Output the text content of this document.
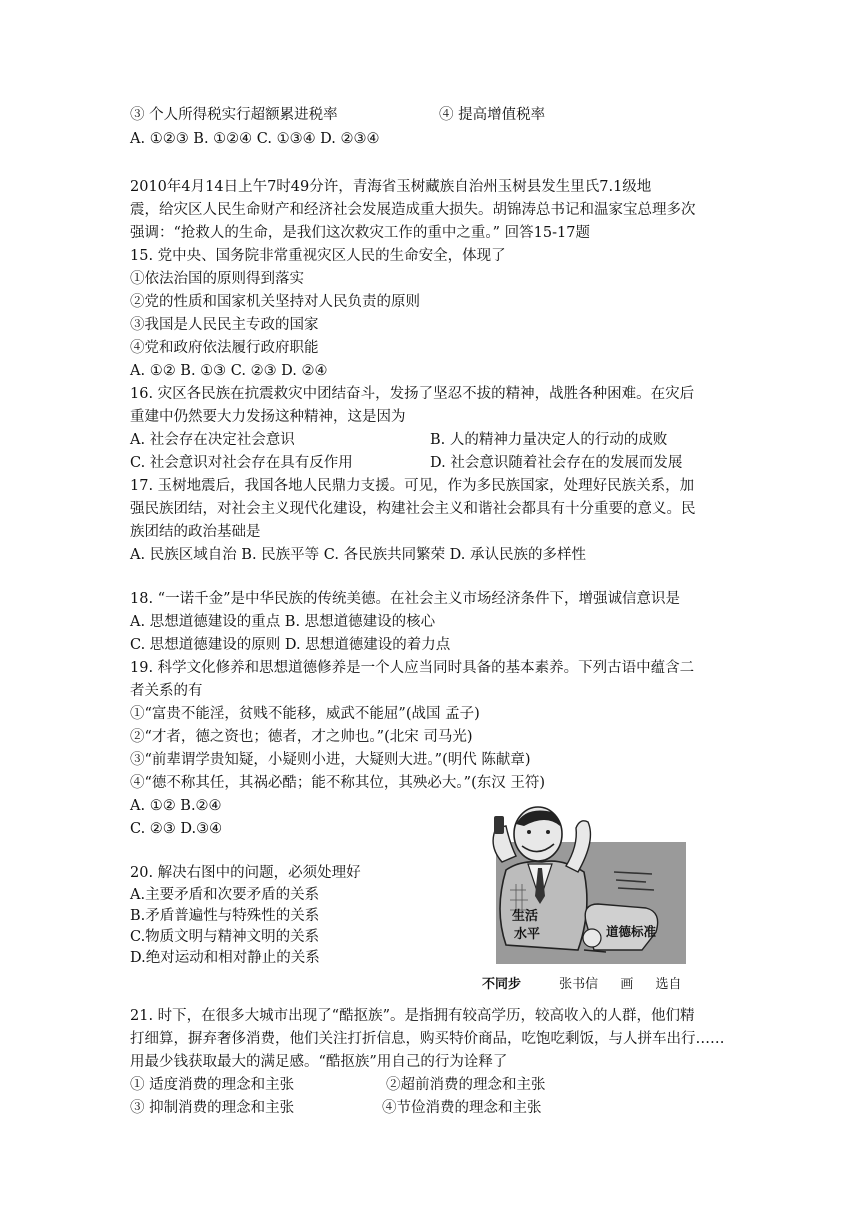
③ 个人所得税实行超额累进税率	④ 提高增值税率
A. ①②③ B. ①②④ C. ①③④ D. ②③④
2010年4月14日上午7时49分许，青海省玉树藏族自治州玉树县发生里氏7.1级地
震，给灾区人民生命财产和经济社会发展造成重大损失。胡锦涛总书记和温家宝总理多次
强调：“抢救人的生命，是我们这次救灾工作的重中之重。” 回答15-17题
15. 党中央、国务院非常重视灾区人民的生命安全，体现了
①依法治国的原则得到落实
②党的性质和国家机关坚持对人民负责的原则
③我国是人民民主专政的国家
④党和政府依法履行政府职能
A. ①② B. ①③ C. ②③ D. ②④
16. 灾区各民族在抗震救灾中团结奋斗，发扬了坚忍不拔的精神，战胜各种困难。在灾后
重建中仍然要大力发扬这种精神，这是因为
A. 社会存在决定社会意识	B. 人的精神力量决定人的行动的成败
C. 社会意识对社会存在具有反作用	D. 社会意识随着社会存在的发展而发展
17. 玉树地震后，我国各地人民鼎力支援。可见，作为多民族国家，处理好民族关系，加
强民族团结，对社会主义现代化建设，构建社会主义和谐社会都具有十分重要的意义。民
族团结的政治基础是
A. 民族区域自治 B. 民族平等 C. 各民族共同繁荣 D. 承认民族的多样性
18. “一诺千金”是中华民族的传统美德。在社会主义市场经济条件下，增强诚信意识是
A. 思想道德建设的重点 B. 思想道德建设的核心
C. 思想道德建设的原则 D. 思想道德建设的着力点
19. 科学文化修养和思想道德修养是一个人应当同时具备的基本素养。下列古语中蕴含二
者关系的有
①“富贵不能淫，贫贱不能移，威武不能屈”(战国 孟子)
②“才者，德之资也；德者，才之帅也。”(北宋 司马光)
③“前辈谓学贵知疑，小疑则小进，大疑则大进。”(明代 陈献章)
④“德不称其任，其祸必酷；能不称其位，其殃必大。”(东汉 王符)
A. ①② B.②④
C. ②③ D.③④
20. 解决右图中的问题，必须处理好
A.主要矛盾和次要矛盾的关系
B.矛盾普遍性与特殊性的关系
C.物质文明与精神文明的关系
D.绝对运动和相对静止的关系
生活
水平	道德标准
不同步	张书信 画 选自
21. 时下，在很多大城市出现了“酷抠族”。是指拥有较高学历，较高收入的人群，他们精
打细算，摒弃奢侈消费，他们关注打折信息，购买特价商品，吃饱吃剩饭，与人拼车出行……
用最少钱获取最大的满足感。“酷抠族”用自己的行为诠释了
① 适度消费的理念和主张	②超前消费的理念和主张
③ 抑制消费的理念和主张	④节俭消费的理念和主张
